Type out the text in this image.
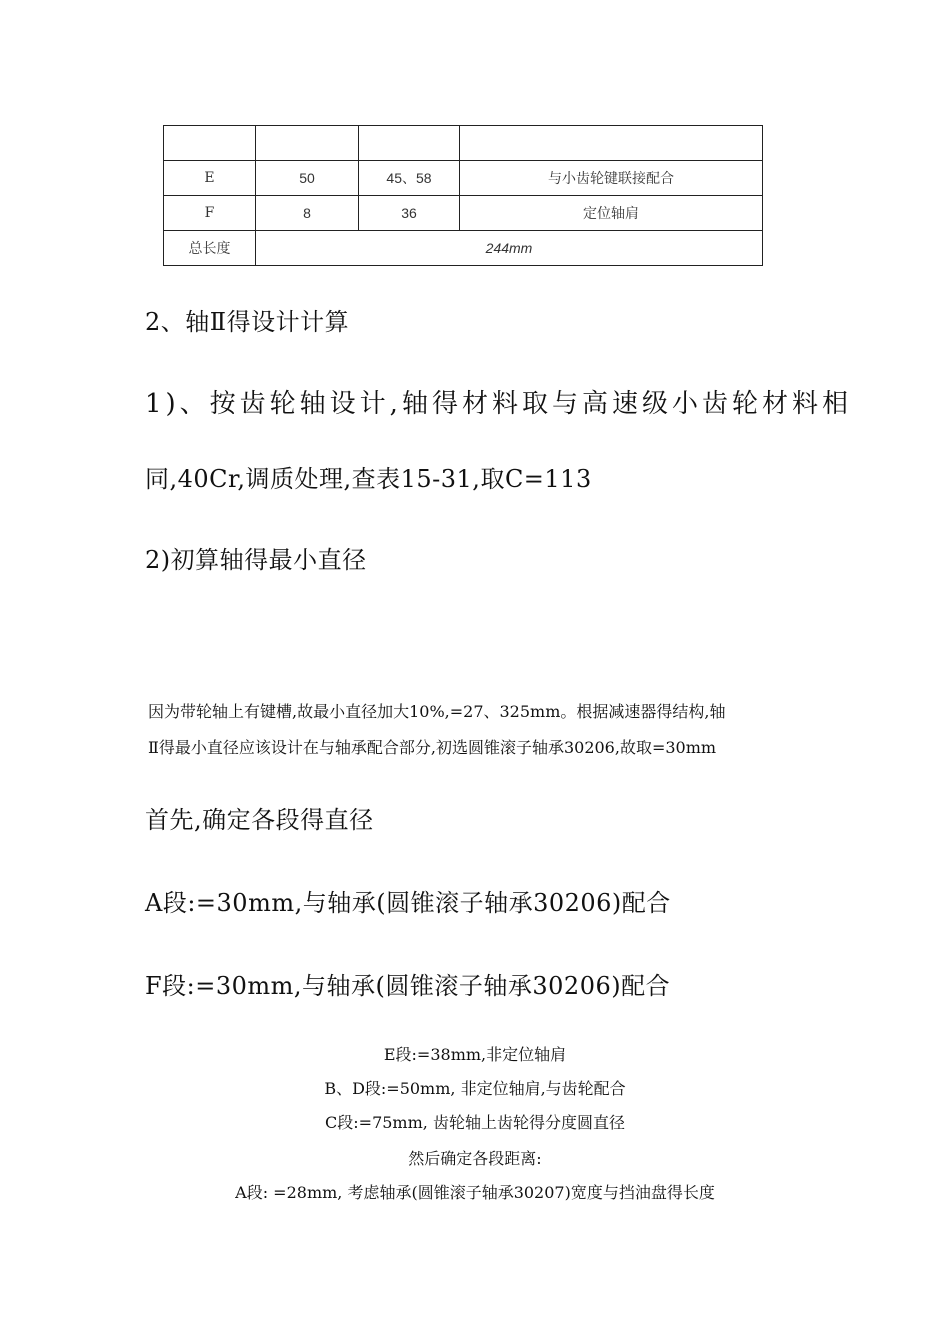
E	50	45、58	与小齿轮键联接配合
F	8	36	定位轴肩
总长度	244mm		
2、轴Ⅱ得设计计算
1)、按齿轮轴设计,轴得材料取与高速级小齿轮材料相
同,40Cr,调质处理,查表15-31,取C=113
2)初算轴得最小直径
因为带轮轴上有键槽,故最小直径加大10%,=27、325mm。根据减速器得结构,轴
Ⅱ得最小直径应该设计在与轴承配合部分,初选圆锥滚子轴承30206,故取=30mm
首先,确定各段得直径
A段:=30mm,与轴承(圆锥滚子轴承30206)配合
F段:=30mm,与轴承(圆锥滚子轴承30206)配合
E段:=38mm,非定位轴肩
B、D段:=50mm, 非定位轴肩,与齿轮配合
C段:=75mm, 齿轮轴上齿轮得分度圆直径
然后确定各段距离:
A段: =28mm, 考虑轴承(圆锥滚子轴承30207)宽度与挡油盘得长度
